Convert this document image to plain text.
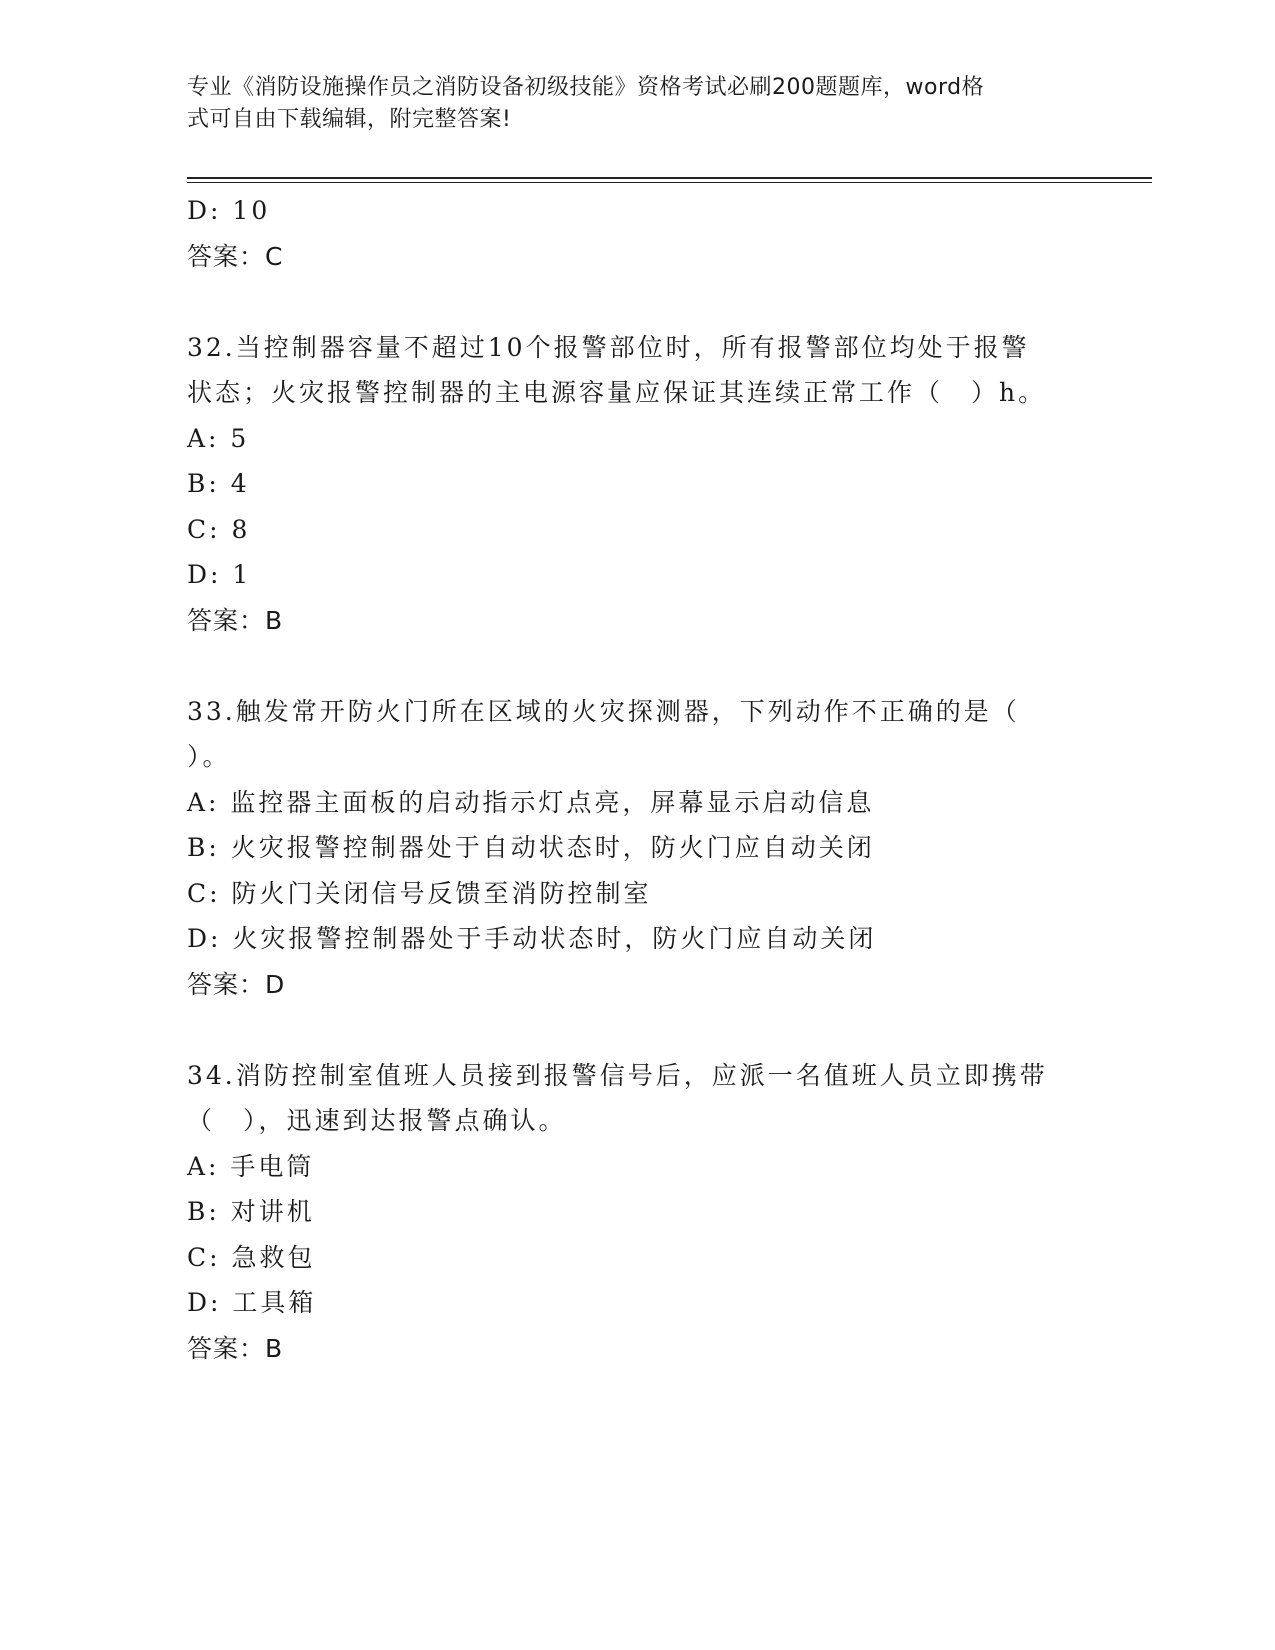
专业《消防设施操作员之消防设备初级技能》资格考试必刷200题题库，word格
式可自由下载编辑，附完整答案!
D: 10
答案：C
32.当控制器容量不超过10个报警部位时，所有报警部位均处于报警
状态；火灾报警控制器的主电源容量应保证其连续正常工作（　）h。
A: 5
B: 4
C: 8
D: 1
答案：B
33.触发常开防火门所在区域的火灾探测器，下列动作不正确的是（
）。
A: 监控器主面板的启动指示灯点亮，屏幕显示启动信息
B: 火灾报警控制器处于自动状态时，防火门应自动关闭
C: 防火门关闭信号反馈至消防控制室
D: 火灾报警控制器处于手动状态时，防火门应自动关闭
答案：D
34.消防控制室值班人员接到报警信号后，应派一名值班人员立即携带
（　），迅速到达报警点确认。
A: 手电筒
B: 对讲机
C: 急救包
D: 工具箱
答案：B
